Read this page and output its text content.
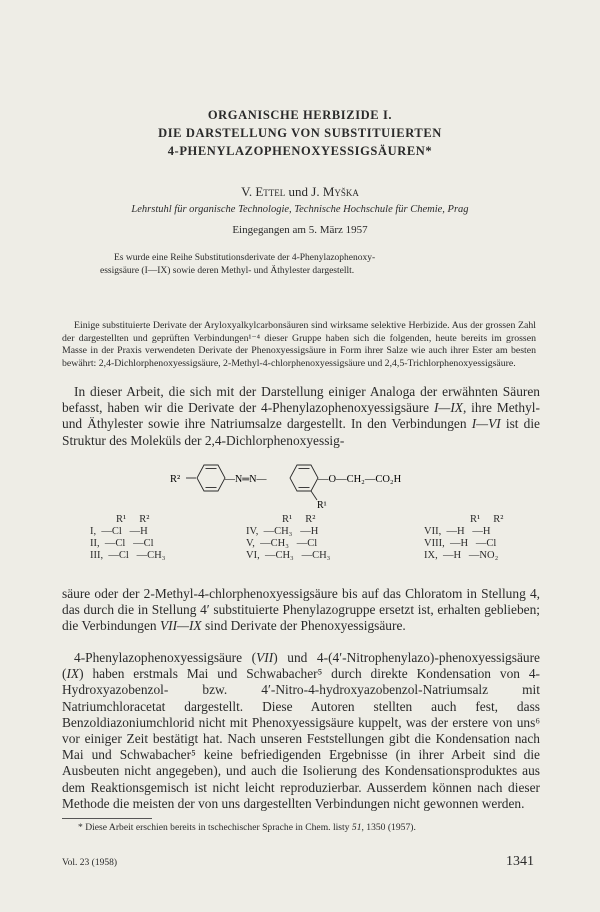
ORGANISCHE HERBIZIDE I.
DIE DARSTELLUNG VON SUBSTITUIERTEN
4-PHENYLAZOPHENOXYESSIGSÄUREN*
V. Ettel und J. Myška
Lehrstuhl für organische Technologie, Technische Hochschule für Chemie, Prag
Eingegangen am 5. März 1957
Es wurde eine Reihe Substitutionsderivate der 4-Phenylazophenoxy-
essigsäure (I—IX) sowie deren Methyl- und Äthylester dargestellt.
Einige substituierte Derivate der Aryloxyalkylcarbonsäuren sind wirksame selektive Herbizide. Aus der grossen Zahl der dargestellten und geprüften Verbindungen¹⁻⁴ dieser Gruppe haben sich die folgenden, heute bereits im grossen Masse in der Praxis verwendeten Derivate der Phenoxyessigsäure in Form ihrer Salze wie auch ihrer Ester am besten bewährt: 2,4-Dichlorphenoxyessigsäure, 2-Methyl-4-chlorphenoxyessigsäure und 2,4,5-Trichlorphenoxyessigsäure.

In dieser Arbeit, die sich mit der Darstellung einiger Analoga der erwähnten Säuren befasst, haben wir die Derivate der 4-Phenylazophenoxyessigsäure I—IX, ihre Methyl- und Äthylester sowie ihre Natriumsalze dargestellt. In den Verbindungen I—VI ist die Struktur des Moleküls der 2,4-Dichlorphenoxyessig-

R²	—N═N—	—O—CH₂—CO₂H
R¹
R¹     R²
I,  —Cl   —H
II,  —Cl   —Cl
III,  —Cl   —CH₃
R¹     R²
IV,  —CH₃   —H
V,  —CH₃   —Cl
VI,  —CH₃   —CH₃
R¹     R²
VII,  —H   —H
VIII,  —H   —Cl
IX,  —H   —NO₂

säure oder der 2-Methyl-4-chlorphenoxyessigsäure bis auf das Chloratom in Stellung 4, das durch die in Stellung 4′ substituierte Phenylazogruppe ersetzt ist, erhalten geblieben; die Verbindungen VII—IX sind Derivate der Phenoxyessigsäure.

4-Phenylazophenoxyessigsäure (VII) und 4-(4′-Nitrophenylazo)-phenoxyessigsäure (IX) haben erstmals Mai und Schwabacher⁵ durch direkte Kondensation von 4-Hydroxyazobenzol- bzw. 4′-Nitro-4-hydroxyazobenzol-Natriumsalz mit Natriumchloracetat dargestellt. Diese Autoren stellten auch fest, dass Benzoldiazoniumchlorid nicht mit Phenoxyessigsäure kuppelt, was der erstere von uns⁶ vor einiger Zeit bestätigt hat. Nach unseren Feststellungen gibt die Kondensation nach Mai und Schwabacher⁵ keine befriedigenden Ergebnisse (in ihrer Arbeit sind die Ausbeuten nicht angegeben), und auch die Isolierung des Kondensationsproduktes aus dem Reaktionsgemisch ist nicht leicht reproduzierbar. Ausserdem können nach dieser Methode die meisten der von uns dargestellten Verbindungen nicht gewonnen werden.

* Diese Arbeit erschien bereits in tschechischer Sprache in Chem. listy 51, 1350 (1957).
Vol. 23 (1958)	1341
